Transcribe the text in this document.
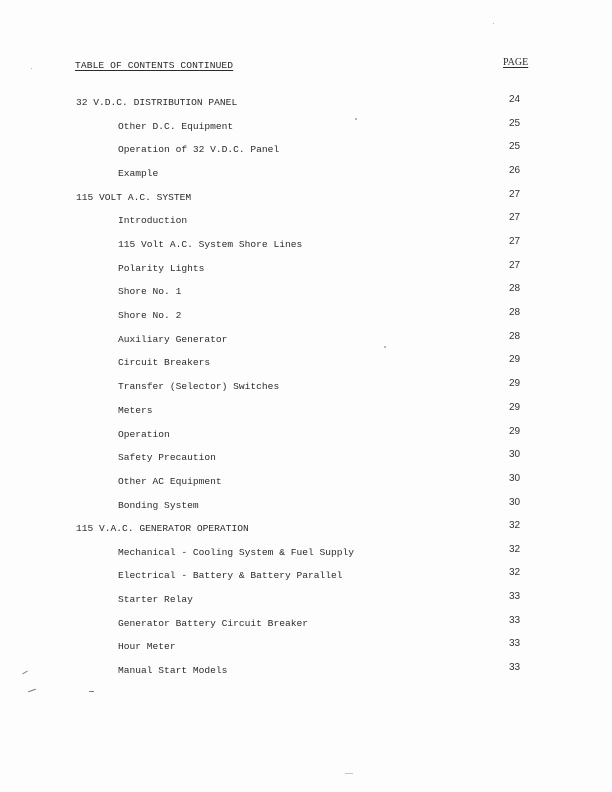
TABLE OF CONTENTS CONTINUED	PAGE
32 V.D.C. DISTRIBUTION PANEL	24
Other D.C. Equipment	25
Operation of 32 V.D.C. Panel	25
Example	26
115 VOLT A.C. SYSTEM	27
Introduction	27
115 Volt A.C. System Shore Lines	27
Polarity Lights	27
Shore No. 1	28
Shore No. 2	28
Auxiliary Generator	28
Circuit Breakers	29
Transfer (Selector) Switches	29
Meters	29
Operation	29
Safety Precaution	30
Other AC Equipment	30
Bonding System	30
115 V.A.C. GENERATOR OPERATION	32
Mechanical - Cooling System & Fuel Supply	32
Electrical - Battery & Battery Parallel	32
Starter Relay	33
Generator Battery Circuit Breaker	33
Hour Meter	33
Manual Start Models	33
